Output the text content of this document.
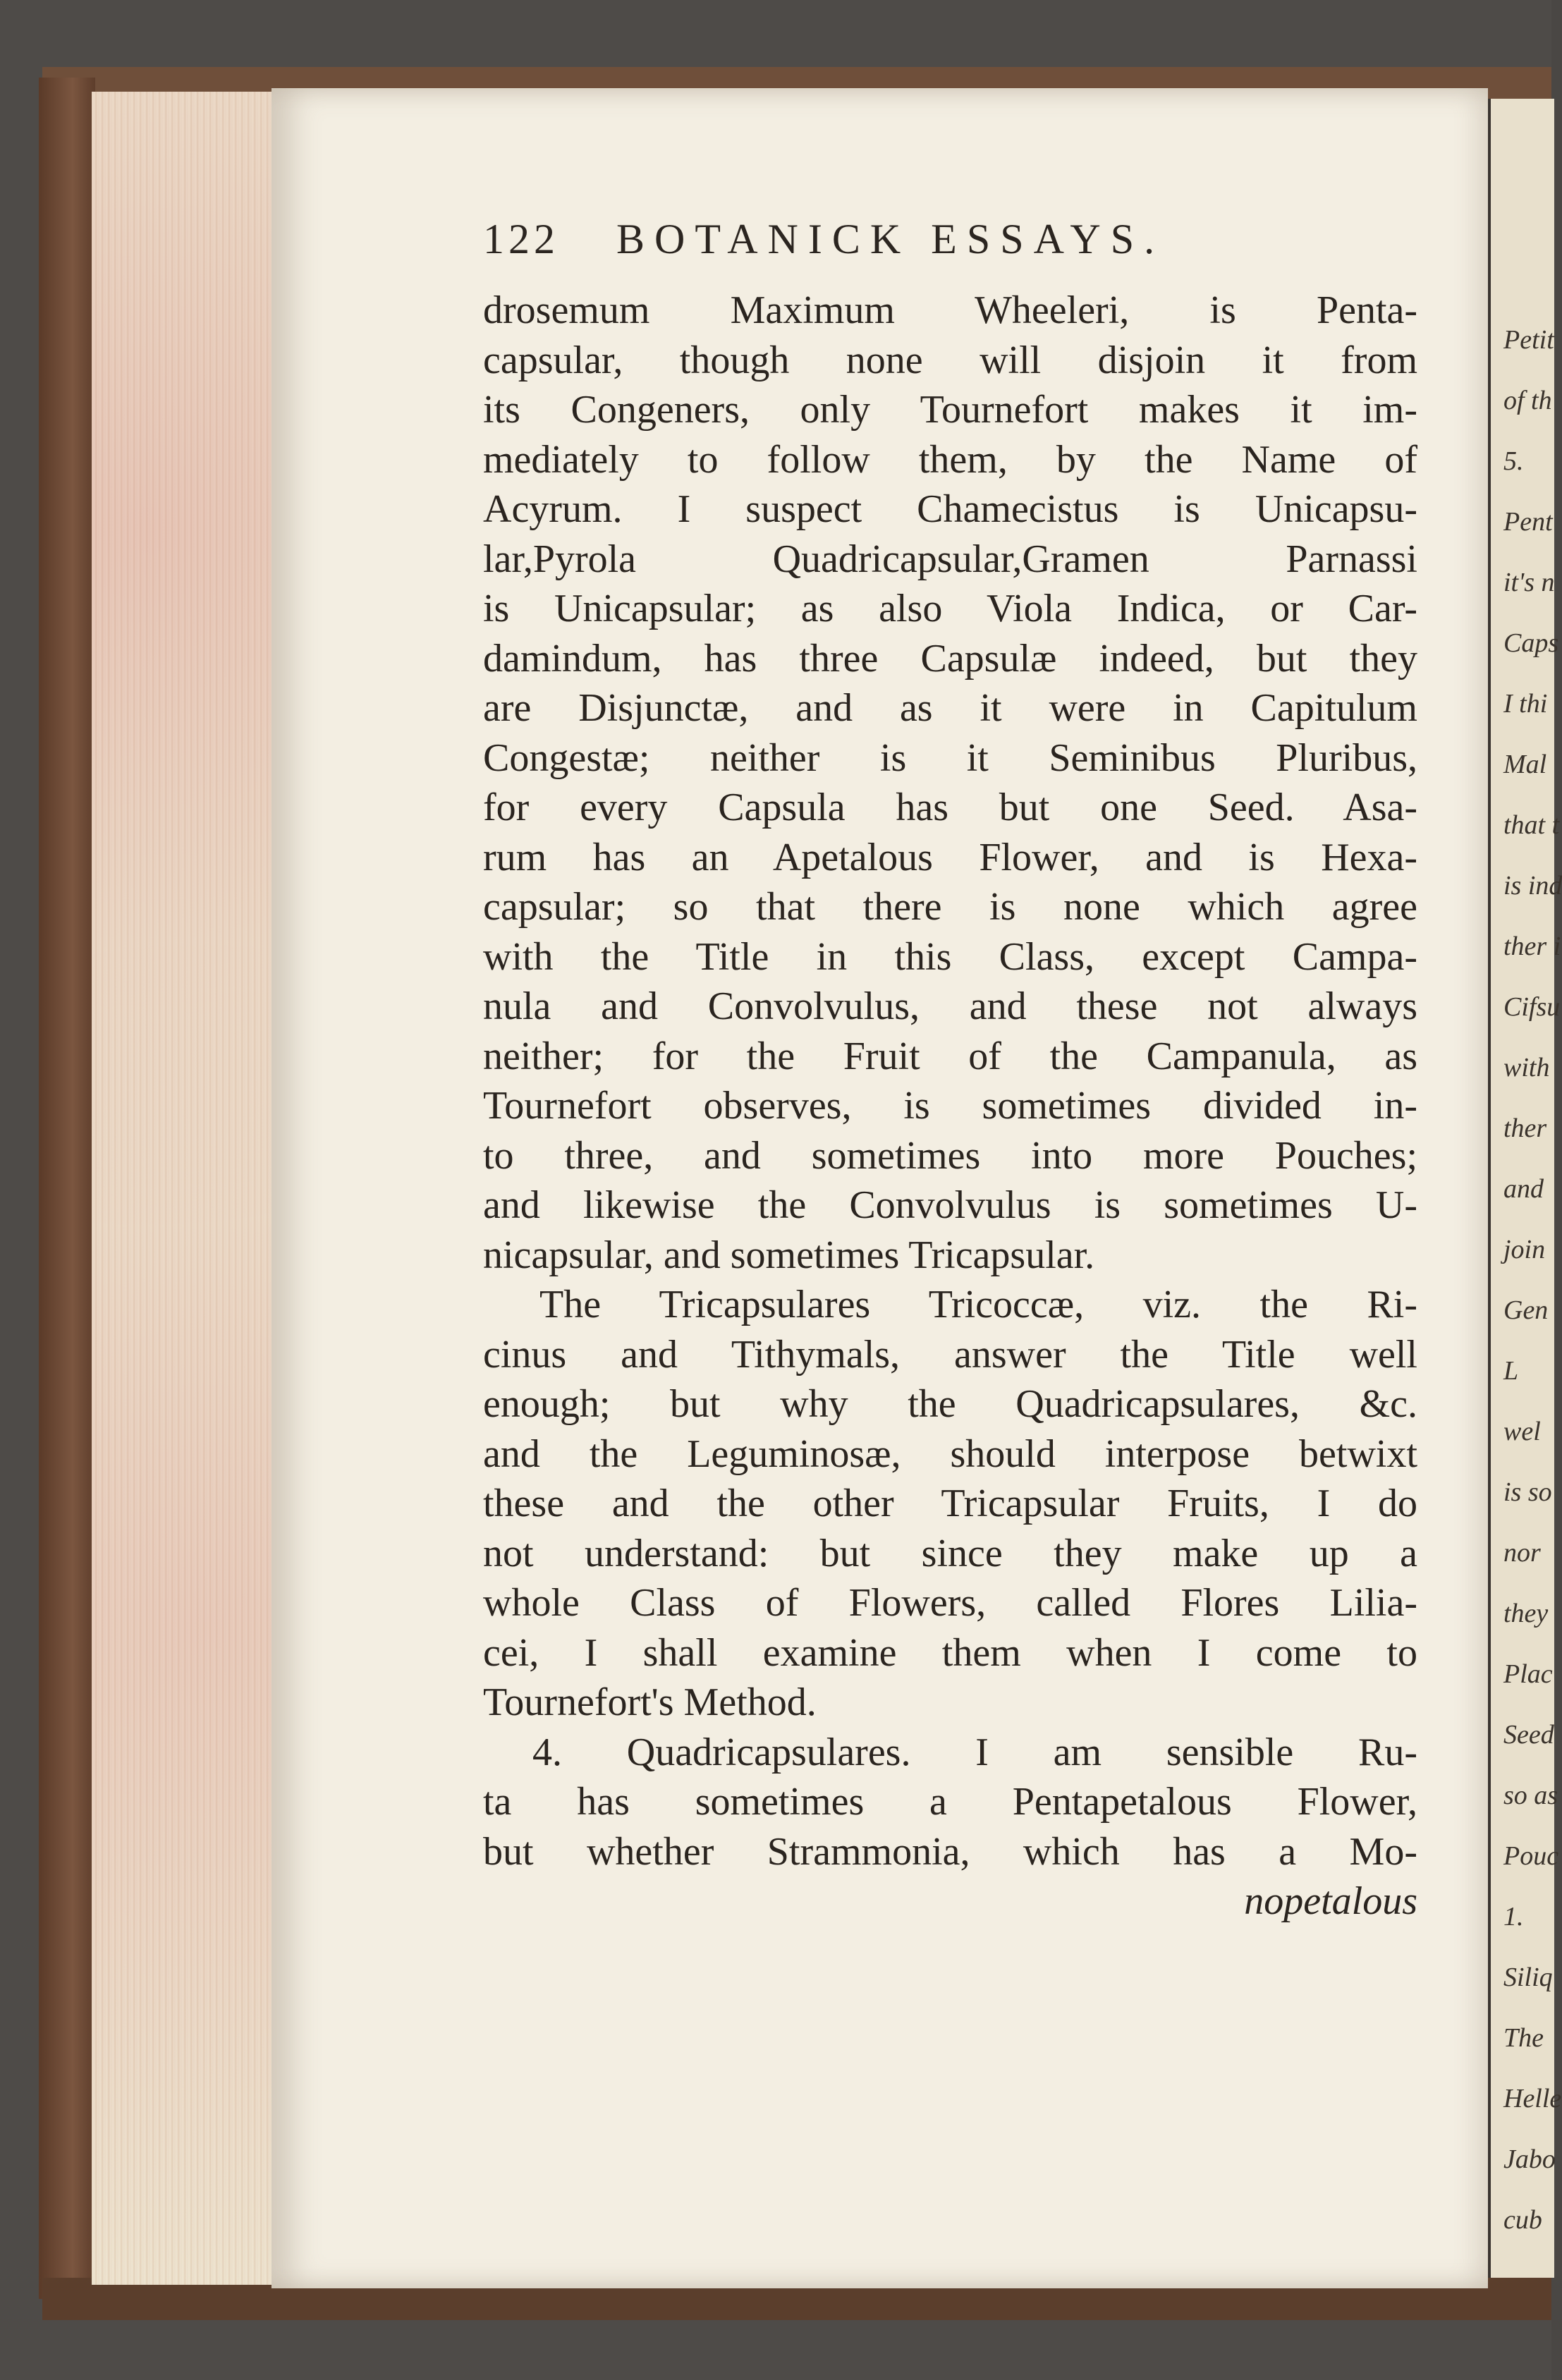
Petit
of th
5.
Pent
it's n
Caps
I thi
Mal
that t
is ind
ther i
Cifsu
with
ther
and
join
Gen
L
wel
is so
nor
they
Plac
Seed
so as
Pouc
1.
Siliq
The
Helle
Jabo
cub
122 BOTANICK ESSAYS.
drosemum Maximum Wheeleri, is Penta-
capsular, though none will disjoin it from
its Congeners, only Tournefort makes it im-
mediately to follow them, by the Name of
Acyrum. I suspect Chamecistus is Unicapsu-
lar,Pyrola Quadricapsular,Gramen Parnassi
is Unicapsular; as also Viola Indica, or Car-
damindum, has three Capsulæ indeed, but they
are Disjunctæ, and as it were in Capitulum
Congestæ; neither is it Seminibus Pluribus,
for every Capsula has but one Seed. Asa-
rum has an Apetalous Flower, and is Hexa-
capsular; so that there is none which agree
with the Title in this Class, except Campa-
nula and Convolvulus, and these not always
neither; for the Fruit of the Campanula, as
Tournefort observes, is sometimes divided in-
to three, and sometimes into more Pouches;
and likewise the Convolvulus is sometimes U-
nicapsular, and sometimes Tricapsular.
The Tricapsulares Tricoccæ, viz. the Ri-
cinus and Tithymals, answer the Title well
enough; but why the Quadricapsulares, &c.
and the Leguminosæ, should interpose betwixt
these and the other Tricapsular Fruits, I do
not understand: but since they make up a
whole Class of Flowers, called Flores Lilia-
cei, I shall examine them when I come to
Tournefort's Method.
4. Quadricapsulares. I am sensible Ru-
ta has sometimes a Pentapetalous Flower,
but whether Strammonia, which has a Mo-
nopetalous
